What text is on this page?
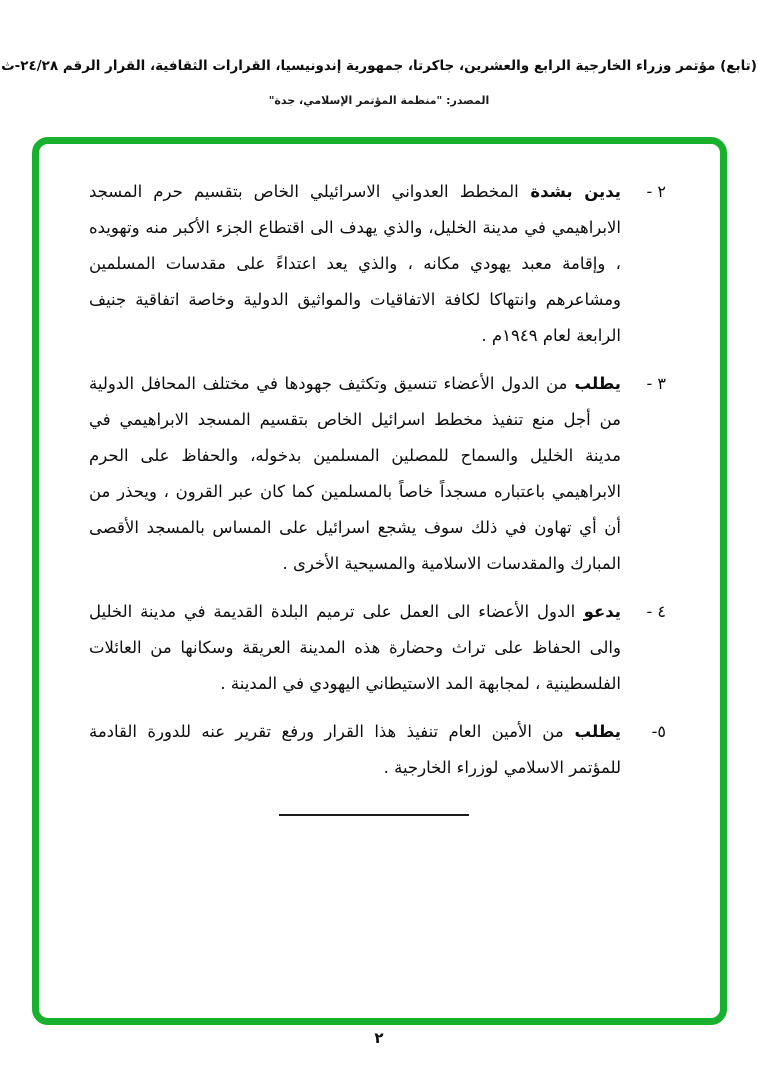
(تابع) مؤتمر وزراء الخارجية الرابع والعشرين، جاكرتا، جمهورية إندونيسيا، القرارات الثقافية، القرار الرقم ٢٤/٢٨-ث
المصدر: "منظمة المؤتمر الإسلامي، جدة"
٢ -

يدين بشدة المخطط العدواني الاسرائيلي الخاص بتقسيم حرم المسجد الابراهيمي في مدينة الخليل، والذي يهدف الى اقتطاع الجزء الأكبر منه وتهويده ، وإقامة معبد يهودي مكانه ، والذي يعد اعتداءً على مقدسات المسلمين ومشاعرهم وانتهاكا لكافة الاتفاقيات والمواثيق الدولية وخاصة اتفاقية جنيف الرابعة لعام ١٩٤٩م .

٣ -

يطلب من الدول الأعضاء تنسيق وتكثيف جهودها في مختلف المحافل الدولية من أجل منع تنفيذ مخطط اسرائيل الخاص بتقسيم المسجد الابراهيمي في مدينة الخليل والسماح للمصلين المسلمين بدخوله، والحفاظ على الحرم الابراهيمي باعتباره مسجداً خاصاً بالمسلمين كما كان عبر القرون ، ويحذر من أن أي تهاون في ذلك سوف يشجع اسرائيل على المساس بالمسجد الأقصى المبارك والمقدسات الاسلامية والمسيحية الأخرى .

٤ -

يدعو الدول الأعضاء الى العمل على ترميم البلدة القديمة في مدينة الخليل والى الحفاظ على تراث وحضارة هذه المدينة العريقة وسكانها من العائلات الفلسطينية ، لمجابهة المد الاستيطاني اليهودي في المدينة .

٥-

يطلب من الأمين العام تنفيذ هذا القرار ورفع تقرير عنه للدورة القادمة للمؤتمر الاسلامي لوزراء الخارجية .

٢
